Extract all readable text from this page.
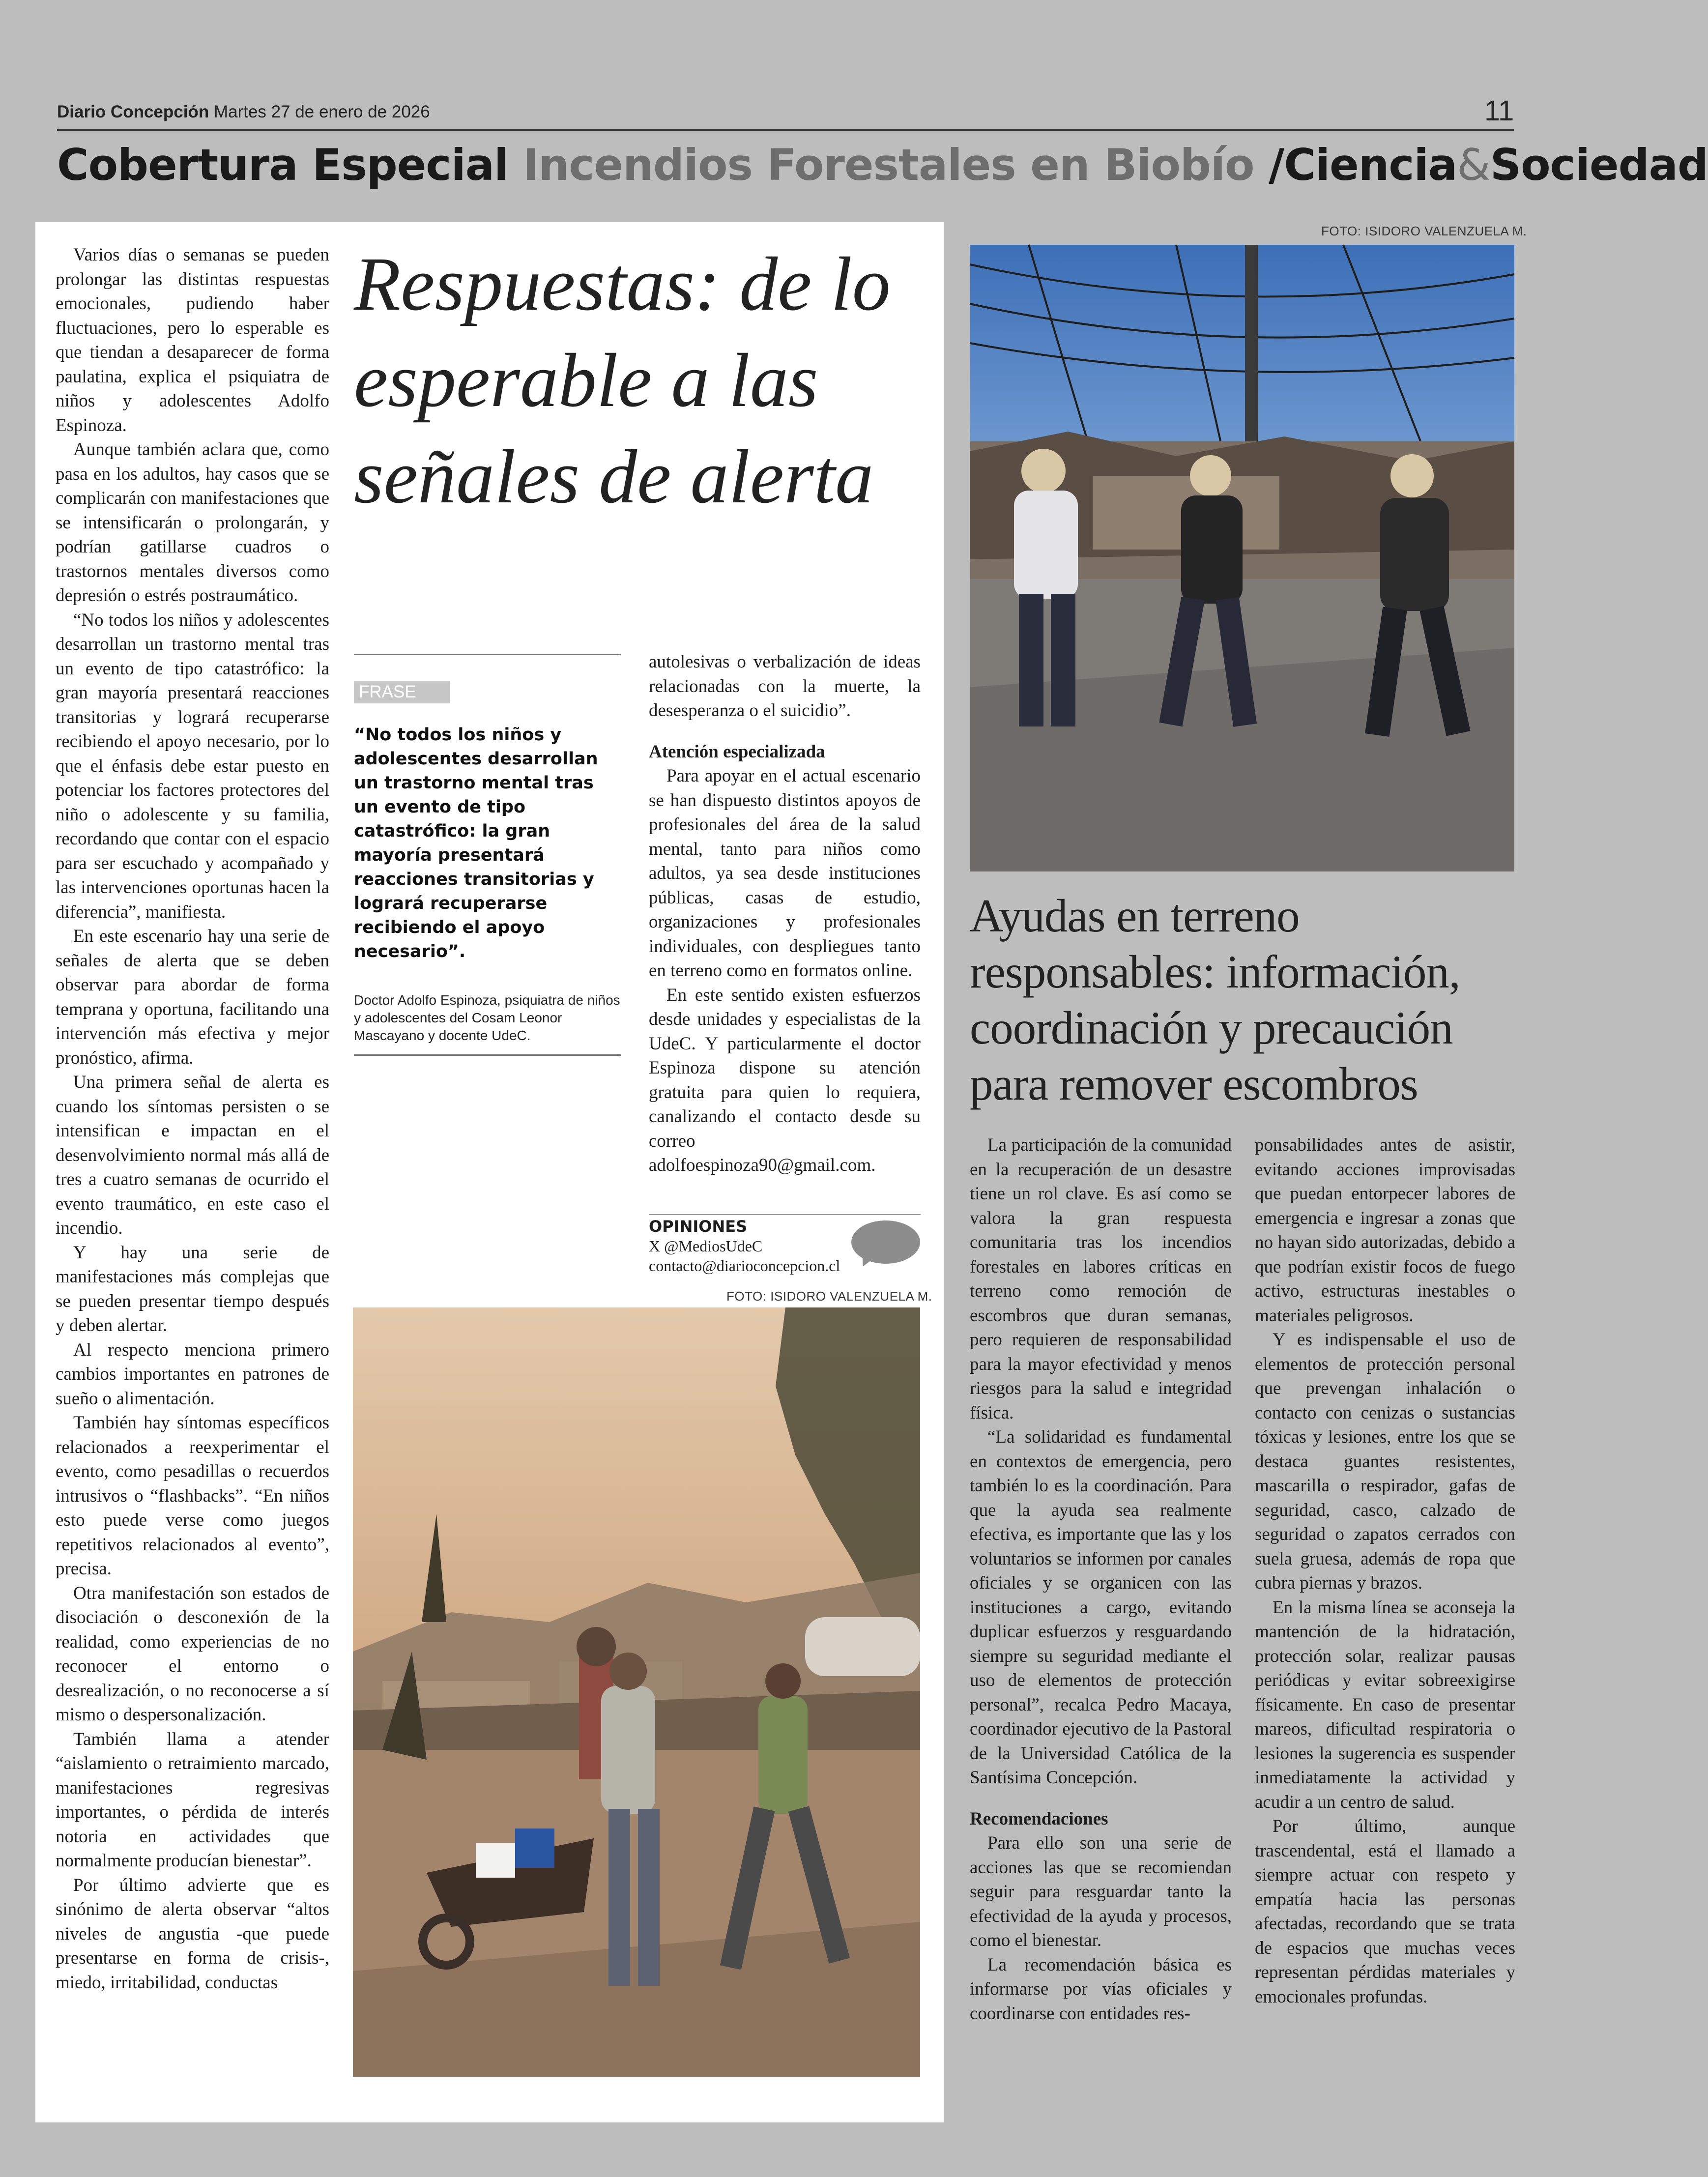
Diario Concepción Martes 27 de enero de 2026	11
Cobertura Especial Incendios Forestales en Biobío /Ciencia&Sociedad

Varios días o semanas se pueden prolongar las distintas respuestas emocionales, pudiendo haber fluctuaciones, pero lo esperable es que tiendan a desaparecer de forma paulatina, explica el psiquiatra de niños y adolescentes Adolfo Espinoza.

Aunque también aclara que, como pasa en los adultos, hay casos que se complicarán con manifestaciones que se intensificarán o prolongarán, y podrían gatillarse cuadros o trastornos mentales diversos como depresión o estrés postraumático.

“No todos los niños y adolescentes desarrollan un trastorno mental tras un evento de tipo catastrófico: la gran mayoría presentará reacciones transitorias y logrará recuperarse recibiendo el apoyo necesario, por lo que el énfasis debe estar puesto en potenciar los factores protectores del niño o adolescente y su familia, recordando que contar con el espacio para ser escuchado y acompañado y las intervenciones oportunas hacen la diferencia”, manifiesta.

En este escenario hay una serie de señales de alerta que se deben observar para abordar de forma temprana y oportuna, facilitando una intervención más efectiva y mejor pronóstico, afirma.

Una primera señal de alerta es cuando los síntomas persisten o se intensifican e impactan en el desenvolvimiento normal más allá de tres a cuatro semanas de ocurrido el evento traumático, en este caso el incendio.

Y hay una serie de manifestaciones más complejas que se pueden presentar tiempo después y deben alertar.

Al respecto menciona primero cambios importantes en patrones de sueño o alimentación.

También hay síntomas específicos relacionados a reexperimentar el evento, como pesadillas o recuerdos intrusivos o “flashbacks”. “En niños esto puede verse como juegos repetitivos relacionados al evento”, precisa.

Otra manifestación son estados de disociación o desconexión de la realidad, como experiencias de no reconocer el entorno o desrealización, o no reconocerse a sí mismo o despersonalización.

También llama a atender “aislamiento o retraimiento marcado, manifestaciones regresivas importantes, o pérdida de interés notoria en actividades que normalmente producían bienestar”.

Por último advierte que es sinónimo de alerta observar “altos niveles de angustia -que puede presentarse en forma de crisis-, miedo, irritabilidad, conductas

Respuestas: de lo esperable a las señales de alerta
FRASE
“No todos los niños y adolescentes desarrollan un trastorno mental tras un evento de tipo catastrófico: la gran mayoría presentará reacciones transitorias y logrará recuperarse recibiendo el apoyo necesario”.
Doctor Adolfo Espinoza, psiquiatra de niños y adolescentes del Cosam Leonor Mascayano y docente UdeC.

autolesivas o verbalización de ideas relacionadas con la muerte, la desesperanza o el suicidio”.

Atención especializada

Para apoyar en el actual escenario se han dispuesto distintos apoyos de profesionales del área de la salud mental, tanto para niños como adultos, ya sea desde instituciones públicas, casas de estudio, organizaciones y profesionales individuales, con despliegues tanto en terreno como en formatos online.

En este sentido existen esfuerzos desde unidades y especialistas de la UdeC. Y particularmente el doctor Espinoza dispone su atención gratuita para quien lo requiera, canalizando el contacto desde su correo adolfoespinoza90@gmail.com.

OPINIONES
X @MediosUdeC
contacto@diarioconcepcion.cl
FOTO: ISIDORO VALENZUELA M.
FOTO: ISIDORO VALENZUELA M.
Ayudas en terreno responsables: información, coordinación y precaución para remover escombros

La participación de la comunidad en la recuperación de un desastre tiene un rol clave. Es así como se valora la gran respuesta comunitaria tras los incendios forestales en labores críticas en terreno como remoción de escombros que duran semanas, pero requieren de responsabilidad para la mayor efectividad y menos riesgos para la salud e integridad física.

“La solidaridad es fundamental en contextos de emergencia, pero también lo es la coordinación. Para que la ayuda sea realmente efectiva, es importante que las y los voluntarios se informen por canales oficiales y se organicen con las instituciones a cargo, evitando duplicar esfuerzos y resguardando siempre su seguridad mediante el uso de elementos de protección personal”, recalca Pedro Macaya, coordinador ejecutivo de la Pastoral de la Universidad Católica de la Santísima Concepción.

Recomendaciones

Para ello son una serie de acciones las que se recomiendan seguir para resguardar tanto la efectividad de la ayuda y procesos, como el bienestar.

La recomendación básica es informarse por vías oficiales y coordinarse con entidades res-

ponsabilidades antes de asistir, evitando acciones improvisadas que puedan entorpecer labores de emergencia e ingresar a zonas que no hayan sido autorizadas, debido a que podrían existir focos de fuego activo, estructuras inestables o materiales peligrosos.

Y es indispensable el uso de elementos de protección personal que prevengan inhalación o contacto con cenizas o sustancias tóxicas y lesiones, entre los que se destaca guantes resistentes, mascarilla o respirador, gafas de seguridad, casco, calzado de seguridad o zapatos cerrados con suela gruesa, además de ropa que cubra piernas y brazos.

En la misma línea se aconseja la mantención de la hidratación, protección solar, realizar pausas periódicas y evitar sobreexigirse físicamente. En caso de presentar mareos, dificultad respiratoria o lesiones la sugerencia es suspender inmediatamente la actividad y acudir a un centro de salud.

Por último, aunque trascendental, está el llamado a siempre actuar con respeto y empatía hacia las personas afectadas, recordando que se trata de espacios que muchas veces representan pérdidas materiales y emocionales profundas.
